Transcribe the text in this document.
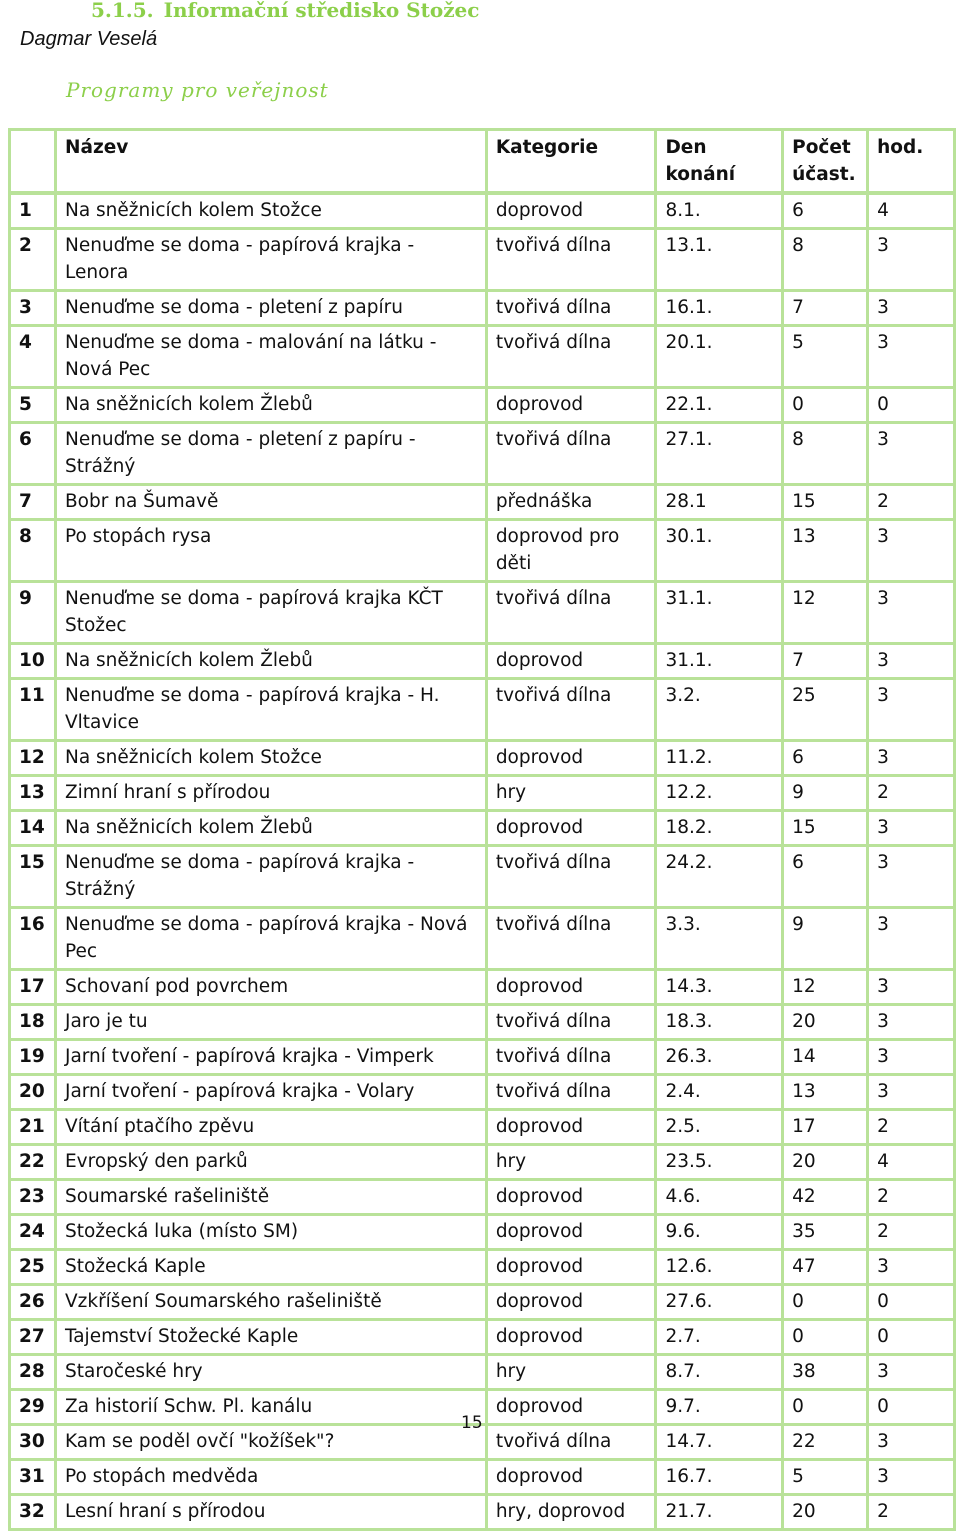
5.1.5. Informační středisko Stožec
Dagmar Veselá
Programy pro veřejnost
	Název	Kategorie	Den konání	Počet účast.	hod.
1	Na sněžnicích kolem Stožce	doprovod	8.1.	6	4
2	Nenuďme se doma - papírová krajka - Lenora	tvořivá dílna	13.1.	8	3
3	Nenuďme se doma - pletení z papíru	tvořivá dílna	16.1.	7	3
4	Nenuďme se doma - malování na látku - Nová Pec	tvořivá dílna	20.1.	5	3
5	Na sněžnicích kolem Žlebů	doprovod	22.1.	0	0
6	Nenuďme se doma - pletení z papíru - Strážný	tvořivá dílna	27.1.	8	3
7	Bobr na Šumavě	přednáška	28.1	15	2
8	Po stopách rysa	doprovod pro děti	30.1.	13	3
9	Nenuďme se doma - papírová krajka KČT Stožec	tvořivá dílna	31.1.	12	3
10	Na sněžnicích kolem Žlebů	doprovod	31.1.	7	3
11	Nenuďme se doma - papírová krajka - H. Vltavice	tvořivá dílna	3.2.	25	3
12	Na sněžnicích kolem Stožce	doprovod	11.2.	6	3
13	Zimní hraní s přírodou	hry	12.2.	9	2
14	Na sněžnicích kolem Žlebů	doprovod	18.2.	15	3
15	Nenuďme se doma - papírová krajka - Strážný	tvořivá dílna	24.2.	6	3
16	Nenuďme se doma - papírová krajka - Nová Pec	tvořivá dílna	3.3.	9	3
17	Schovaní pod povrchem	doprovod	14.3.	12	3
18	Jaro je tu	tvořivá dílna	18.3.	20	3
19	Jarní tvoření - papírová krajka - Vimperk	tvořivá dílna	26.3.	14	3
20	Jarní tvoření - papírová krajka - Volary	tvořivá dílna	2.4.	13	3
21	Vítání ptačího zpěvu	doprovod	2.5.	17	2
22	Evropský den parků	hry	23.5.	20	4
23	Soumarské rašeliniště	doprovod	4.6.	42	2
24	Stožecká luka (místo SM)	doprovod	9.6.	35	2
25	Stožecká Kaple	doprovod	12.6.	47	3
26	Vzkříšení Soumarského rašeliniště	doprovod	27.6.	0	0
27	Tajemství Stožecké Kaple	doprovod	2.7.	0	0
28	Staročeské hry	hry	8.7.	38	3
29	Za historií Schw. Pl. kanálu	doprovod	9.7.	0	0
30	Kam se poděl ovčí "kožíšek"?	tvořivá dílna	14.7.	22	3
31	Po stopách medvěda	doprovod	16.7.	5	3
32	Lesní hraní s přírodou	hry, doprovod	21.7.	20	2
15
